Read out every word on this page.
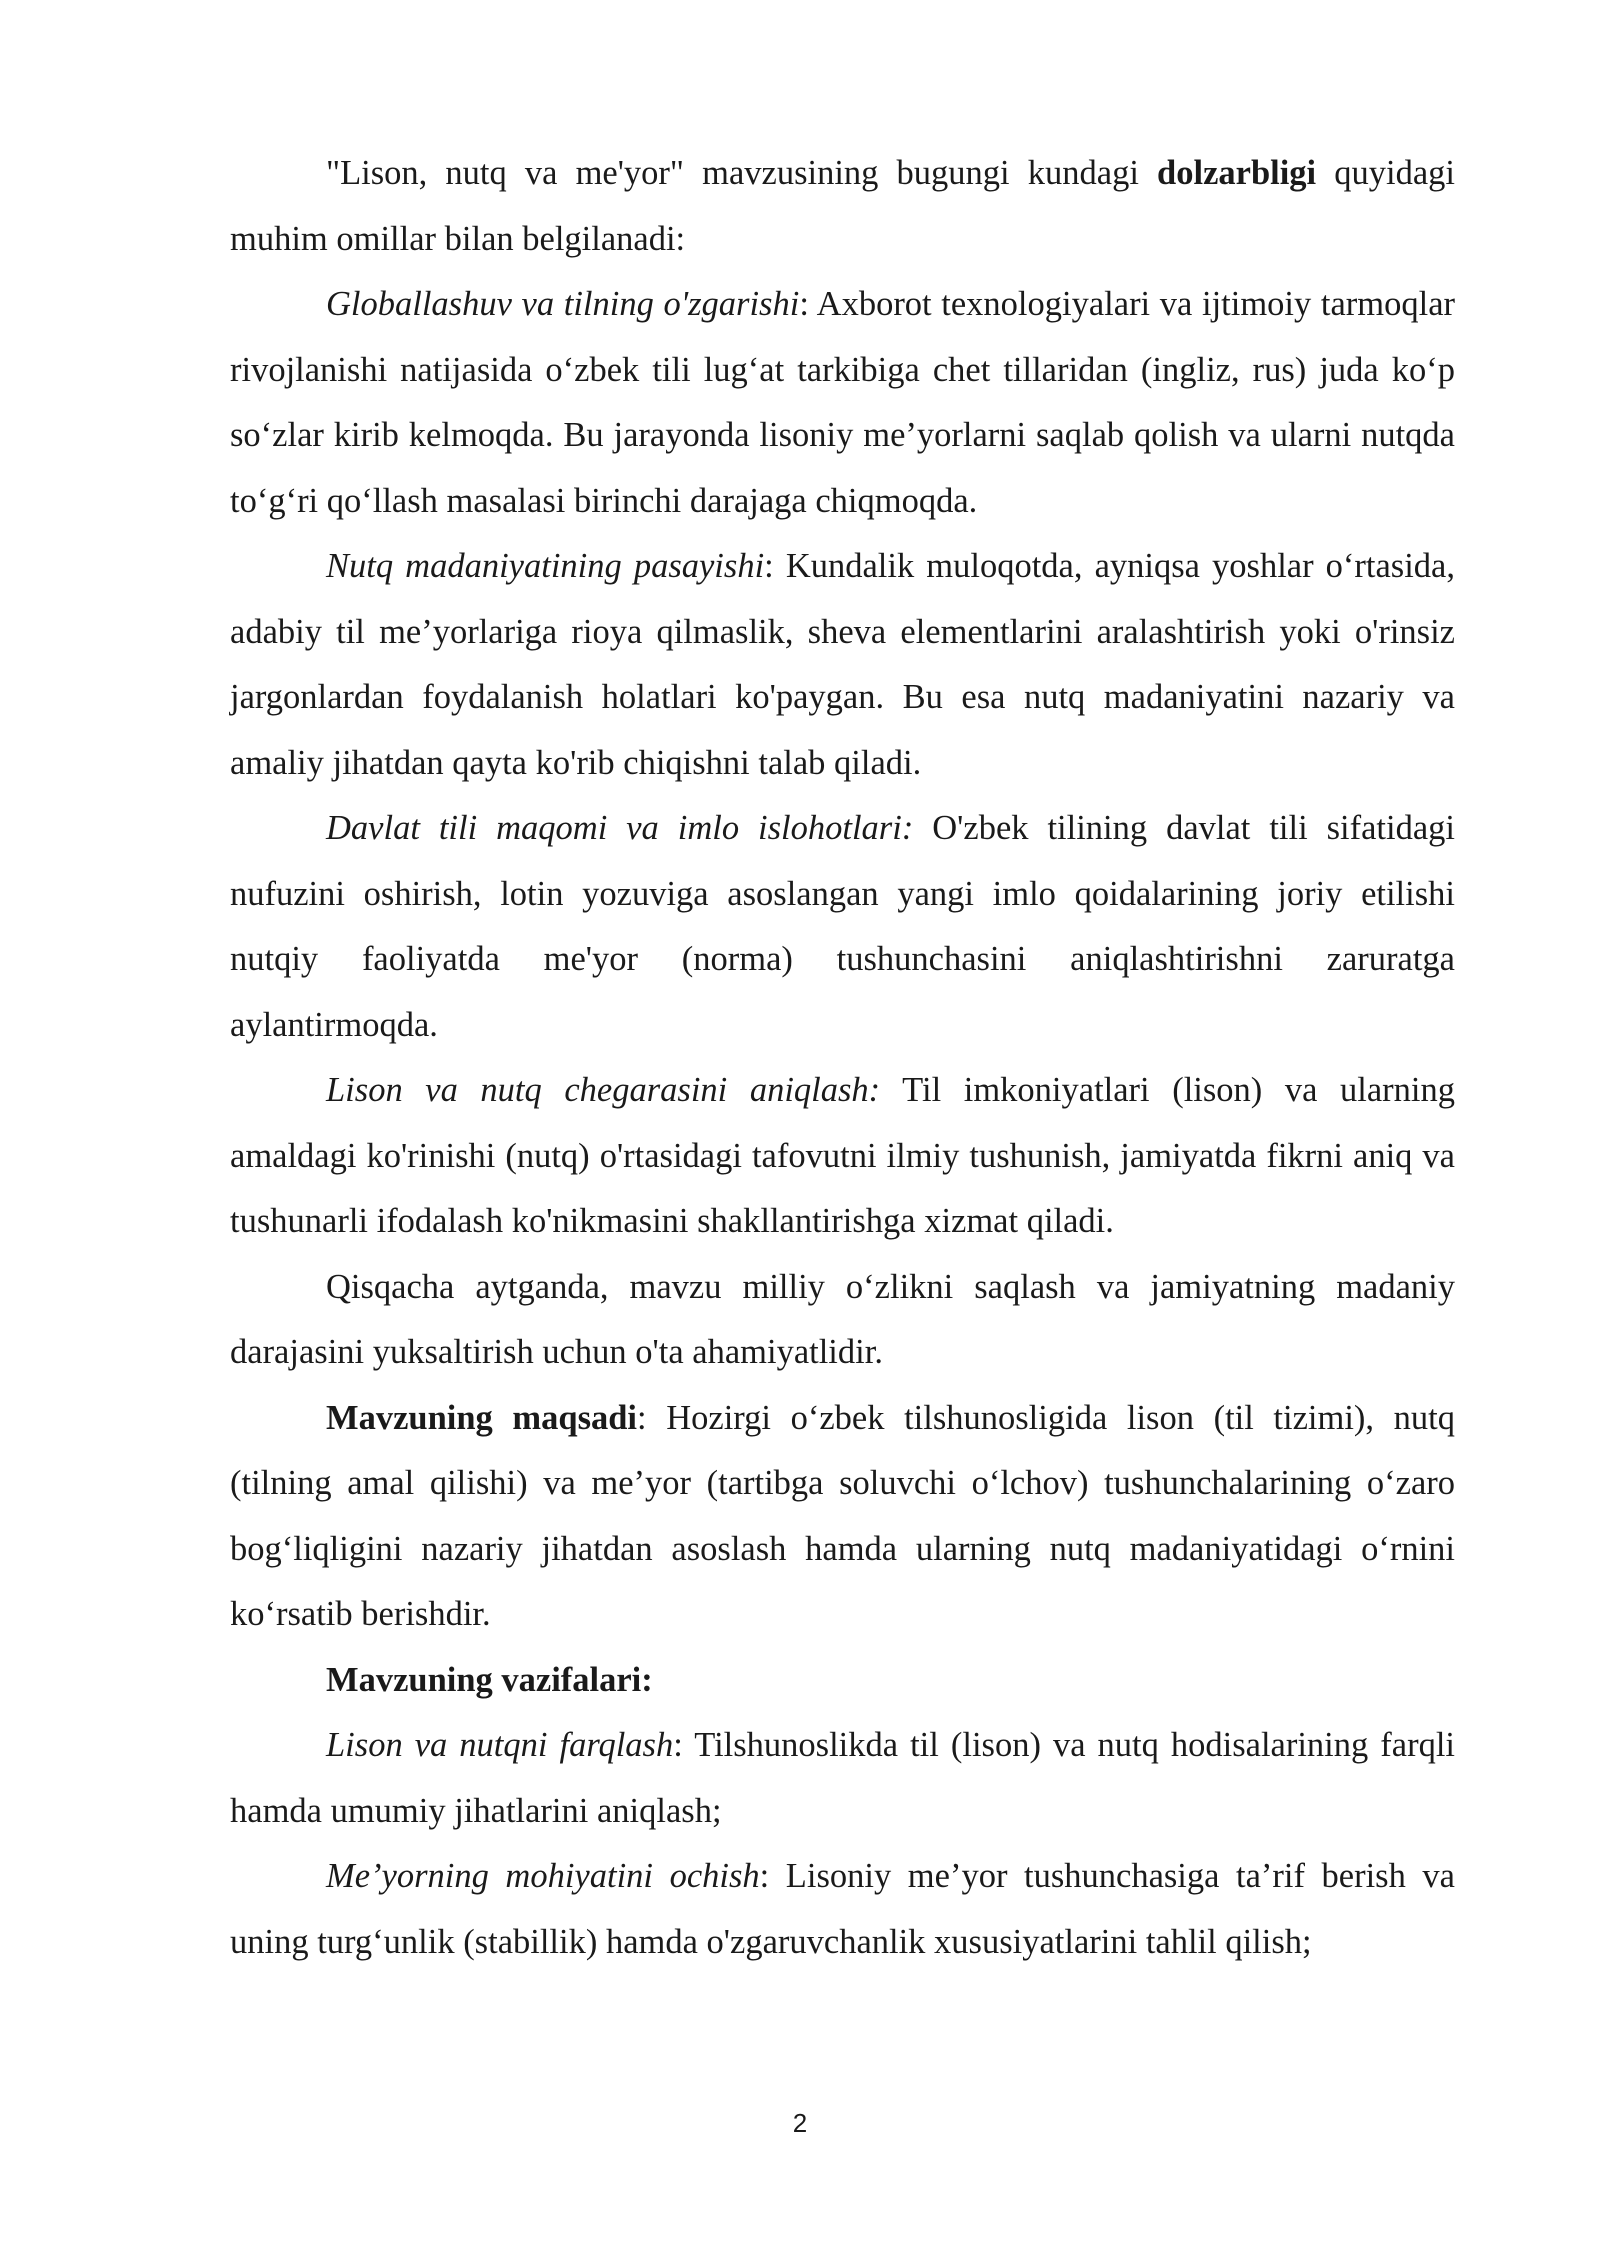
"Lison, nutq va me'yor" mavzusining bugungi kundagi dolzarbligi quyidagi muhim omillar bilan belgilanadi:

Globallashuv va tilning o'zgarishi: Axborot texnologiyalari va ijtimoiy tarmoqlar rivojlanishi natijasida oʻzbek tili lugʻat tarkibiga chet tillaridan (ingliz, rus) juda koʻp soʻzlar kirib kelmoqda. Bu jarayonda lisoniy me’yorlarni saqlab qolish va ularni nutqda toʻgʻri qoʻllash masalasi birinchi darajaga chiqmoqda.

Nutq madaniyatining pasayishi: Kundalik muloqotda, ayniqsa yoshlar oʻrtasida, adabiy til me’yorlariga rioya qilmaslik, sheva elementlarini aralashtirish yoki o'rinsiz jargonlardan foydalanish holatlari ko'paygan. Bu esa nutq madaniyatini nazariy va amaliy jihatdan qayta ko'rib chiqishni talab qiladi.

Davlat tili maqomi va imlo islohotlari: O'zbek tilining davlat tili sifatidagi nufuzini oshirish, lotin yozuviga asoslangan yangi imlo qoidalarining joriy etilishi nutqiy faoliyatda me'yor (norma) tushunchasini aniqlashtirishni zaruratga aylantirmoqda.

Lison va nutq chegarasini aniqlash: Til imkoniyatlari (lison) va ularning amaldagi ko'rinishi (nutq) o'rtasidagi tafovutni ilmiy tushunish, jamiyatda fikrni aniq va tushunarli ifodalash ko'nikmasini shakllantirishga xizmat qiladi.

Qisqacha aytganda, mavzu milliy oʻzlikni saqlash va jamiyatning madaniy darajasini yuksaltirish uchun o'ta ahamiyatlidir.

Mavzuning maqsadi: Hozirgi oʻzbek tilshunosligida lison (til tizimi), nutq (tilning amal qilishi) va me’yor (tartibga soluvchi oʻlchov) tushunchalarining oʻzaro bogʻliqligini nazariy jihatdan asoslash hamda ularning nutq madaniyatidagi oʻrnini koʻrsatib berishdir.

Mavzuning vazifalari:

Lison va nutqni farqlash: Tilshunoslikda til (lison) va nutq hodisalarining farqli hamda umumiy jihatlarini aniqlash;

Me’yorning mohiyatini ochish: Lisoniy me’yor tushunchasiga ta’rif berish va uning turgʻunlik (stabillik) hamda o'zgaruvchanlik xususiyatlarini tahlil qilish;

2
